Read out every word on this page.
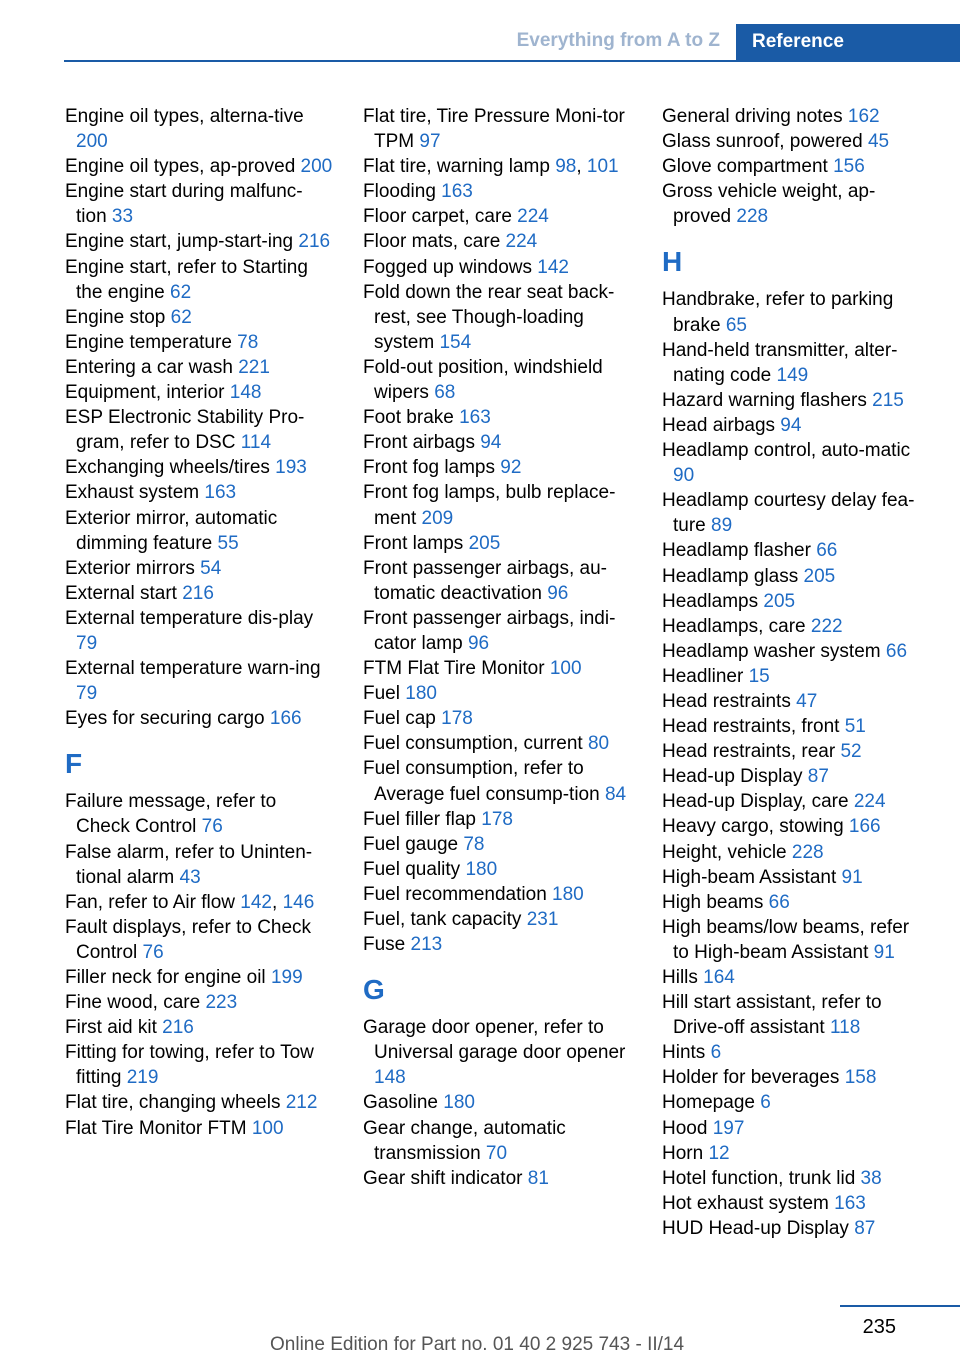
Everything from A to Z	Reference
Engine oil types, alterna-tive 200
Engine oil types, ap-proved 200
Engine start during malfunc-tion 33
Engine start, jump-start-ing 216
Engine start, refer to Starting the engine 62
Engine stop 62
Engine temperature 78
Entering a car wash 221
Equipment, interior 148
ESP Electronic Stability Pro-gram, refer to DSC 114
Exchanging wheels/tires 193
Exhaust system 163
Exterior mirror, automatic dimming feature 55
Exterior mirrors 54
External start 216
External temperature dis-play 79
External temperature warn-ing 79
Eyes for securing cargo 166
F
Failure message, refer to Check Control 76
False alarm, refer to Uninten-tional alarm 43
Fan, refer to Air flow 142, 146
Fault displays, refer to Check Control 76
Filler neck for engine oil 199
Fine wood, care 223
First aid kit 216
Fitting for towing, refer to Tow fitting 219
Flat tire, changing wheels 212
Flat Tire Monitor FTM 100
Flat tire, Tire Pressure Moni-tor TPM 97
Flat tire, warning lamp 98, 101
Flooding 163
Floor carpet, care 224
Floor mats, care 224
Fogged up windows 142
Fold down the rear seat back-rest, see Though-loading system 154
Fold-out position, windshield wipers 68
Foot brake 163
Front airbags 94
Front fog lamps 92
Front fog lamps, bulb replace-ment 209
Front lamps 205
Front passenger airbags, au-tomatic deactivation 96
Front passenger airbags, indi-cator lamp 96
FTM Flat Tire Monitor 100
Fuel 180
Fuel cap 178
Fuel consumption, current 80
Fuel consumption, refer to Average fuel consump-tion 84
Fuel filler flap 178
Fuel gauge 78
Fuel quality 180
Fuel recommendation 180
Fuel, tank capacity 231
Fuse 213
G
Garage door opener, refer to Universal garage door opener 148
Gasoline 180
Gear change, automatic transmission 70
Gear shift indicator 81
General driving notes 162
Glass sunroof, powered 45
Glove compartment 156
Gross vehicle weight, ap-proved 228
H
Handbrake, refer to parking brake 65
Hand-held transmitter, alter-nating code 149
Hazard warning flashers 215
Head airbags 94
Headlamp control, auto-matic 90
Headlamp courtesy delay fea-ture 89
Headlamp flasher 66
Headlamp glass 205
Headlamps 205
Headlamps, care 222
Headlamp washer system 66
Headliner 15
Head restraints 47
Head restraints, front 51
Head restraints, rear 52
Head-up Display 87
Head-up Display, care 224
Heavy cargo, stowing 166
Height, vehicle 228
High-beam Assistant 91
High beams 66
High beams/low beams, refer to High-beam Assistant 91
Hills 164
Hill start assistant, refer to Drive-off assistant 118
Hints 6
Holder for beverages 158
Homepage 6
Hood 197
Horn 12
Hotel function, trunk lid 38
Hot exhaust system 163
HUD Head-up Display 87
235
Online Edition for Part no. 01 40 2 925 743 - II/14
